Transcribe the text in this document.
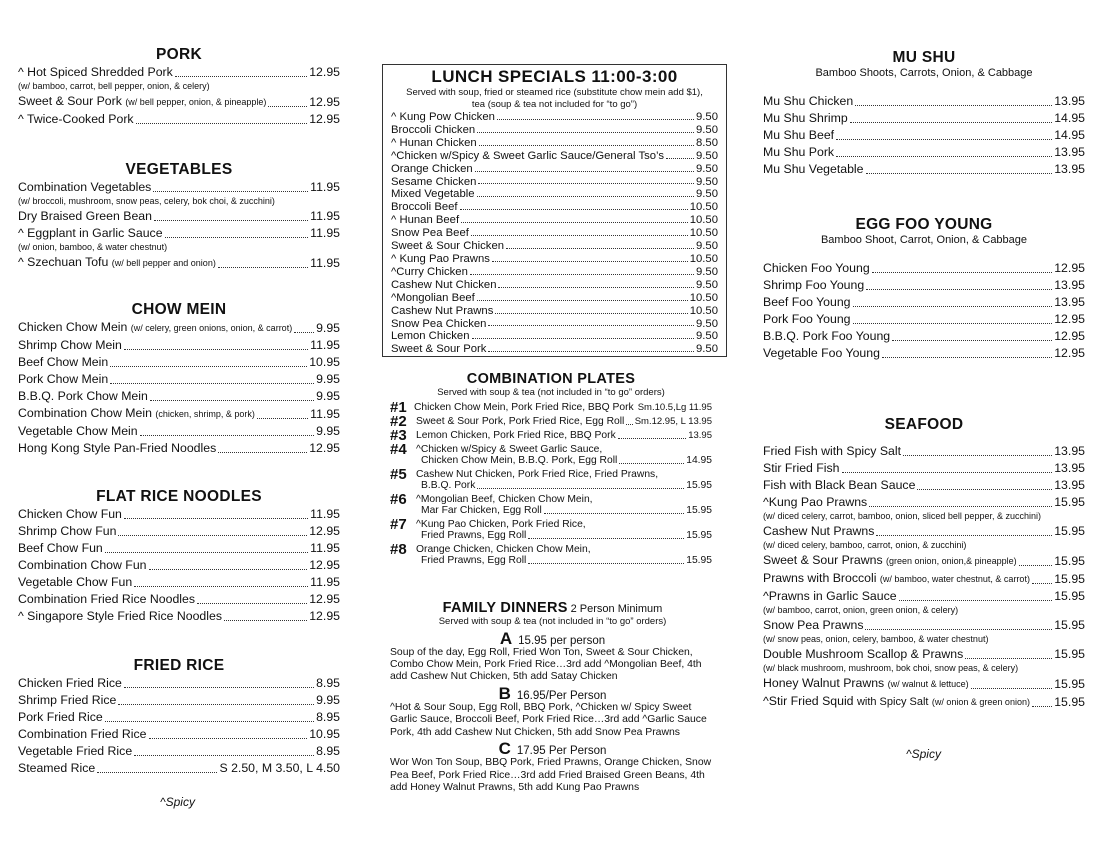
PORK
^ Hot Spiced Shredded Pork	12.95
(w/ bamboo, carrot, bell pepper, onion, & celery)
Sweet & Sour Pork (w/ bell pepper, onion, & pineapple)	12.95
^ Twice-Cooked Pork	12.95
VEGETABLES
Combination Vegetables	11.95
(w/ broccoli, mushroom, snow peas, celery, bok choi, & zucchini)
Dry Braised Green Bean	11.95
^ Eggplant in Garlic Sauce	11.95
(w/ onion, bamboo, & water chestnut)
^ Szechuan Tofu (w/ bell pepper and onion)	11.95
CHOW MEIN
Chicken Chow Mein (w/ celery, green onions, onion, & carrot) 9.95
Shrimp Chow Mein	11.95
Beef Chow Mein	10.95
Pork Chow Mein	9.95
B.B.Q. Pork Chow Mein	9.95
Combination Chow Mein (chicken, shrimp, & pork)	11.95
Vegetable Chow Mein	9.95
Hong Kong Style Pan-Fried Noodles	12.95
FLAT RICE NOODLES
Chicken Chow Fun	11.95
Shrimp Chow Fun	12.95
Beef Chow Fun	11.95
Combination Chow Fun	12.95
Vegetable Chow Fun	11.95
Combination Fried Rice Noodles	12.95
^ Singapore Style Fried Rice Noodles	12.95
FRIED RICE
Chicken Fried Rice	8.95
Shrimp Fried Rice	9.95
Pork Fried Rice	8.95
Combination Fried Rice	10.95
Vegetable Fried Rice	8.95
Steamed Rice	S 2.50, M 3.50, L 4.50
^Spicy
LUNCH SPECIALS 11:00-3:00
Served with soup, fried or steamed rice (substitute chow mein add $1),
tea (soup & tea not included for “to go”)
^ Kung Pow Chicken	9.50
Broccoli Chicken	9.50
^ Hunan Chicken	8.50
^Chicken w/Spicy & Sweet Garlic Sauce/General Tso’s	9.50
Orange Chicken	9.50
Sesame Chicken	9.50
Mixed Vegetable	9.50
Broccoli Beef	10.50
^ Hunan Beef	10.50
Snow Pea Beef	10.50
Sweet & Sour Chicken	9.50
^ Kung Pao Prawns	10.50
^Curry Chicken	9.50
Cashew Nut Chicken	9.50
^Mongolian Beef	10.50
Cashew Nut Prawns	10.50
Snow Pea Chicken	9.50
Lemon Chicken	9.50
Sweet & Sour Pork	9.50
COMBINATION PLATES
Served with soup & tea (not included in “to go” orders)
#1 Chicken Chow Mein, Pork Fried Rice, BBQ Pork Sm.10.5,Lg 11.95
#2 Sweet & Sour Pork, Pork Fried Rice, Egg Roll Sm.12.95, L 13.95
#3 Lemon Chicken, Pork Fried Rice, BBQ Pork	13.95
#4 ^Chicken w/Spicy & Sweet Garlic Sauce,
Chicken Chow Mein, B.B.Q. Pork, Egg Roll	14.95
#5 Cashew Nut Chicken, Pork Fried Rice, Fried Prawns,
B.B.Q. Pork	15.95
#6 ^Mongolian Beef, Chicken Chow Mein,
Mar Far Chicken, Egg Roll	15.95
#7 ^Kung Pao Chicken, Pork Fried Rice,
Fried Prawns, Egg Roll	15.95
#8 Orange Chicken, Chicken Chow Mein,
Fried Prawns, Egg Roll	15.95
FAMILY DINNERS 2 Person Minimum
Served with soup & tea (not included in “to go” orders)
A 15.95 per person
Soup of the day, Egg Roll, Fried Won Ton, Sweet & Sour Chicken, Combo Chow Mein, Pork Fried Rice…3rd add ^Mongolian Beef, 4th add Cashew Nut Chicken, 5th add Satay Chicken
B 16.95/Per Person
^Hot & Sour Soup, Egg Roll, BBQ Pork, ^Chicken w/ Spicy Sweet Garlic Sauce, Broccoli Beef, Pork Fried Rice…3rd add ^Garlic Sauce Pork, 4th add Cashew Nut Chicken, 5th add Snow Pea Prawns
C 17.95 Per Person
Wor Won Ton Soup, BBQ Pork, Fried Prawns, Orange Chicken, Snow Pea Beef, Pork Fried Rice…3rd add Fried Braised Green Beans, 4th add Honey Walnut Prawns, 5th add Kung Pao Prawns
MU SHU
Bamboo Shoots, Carrots, Onion, & Cabbage
Mu Shu Chicken	13.95
Mu Shu Shrimp	14.95
Mu Shu Beef	14.95
Mu Shu Pork	13.95
Mu Shu Vegetable	13.95
EGG FOO YOUNG
Bamboo Shoot, Carrot, Onion, & Cabbage
Chicken Foo Young	12.95
Shrimp Foo Young	13.95
Beef Foo Young	13.95
Pork Foo Young	12.95
B.B.Q. Pork Foo Young	12.95
Vegetable Foo Young	12.95
SEAFOOD
Fried Fish with Spicy Salt	13.95
Stir Fried Fish	13.95
Fish with Black Bean Sauce	13.95
^Kung Pao Prawns	15.95
(w/ diced celery, carrot, bamboo, onion, sliced bell pepper, & zucchini)
Cashew Nut Prawns	15.95
(w/ diced celery, bamboo, carrot, onion, & zucchini)
Sweet & Sour Prawns (green onion, onion,& pineapple)	15.95
Prawns with Broccoli (w/ bamboo, water chestnut, & carrot) 15.95
^Prawns in Garlic Sauce	15.95
(w/ bamboo, carrot, onion, green onion, & celery)
Snow Pea Prawns	15.95
(w/ snow peas, onion, celery, bamboo, & water chestnut)
Double Mushroom Scallop & Prawns	15.95
(w/ black mushroom, mushroom, bok choi, snow peas, & celery)
Honey Walnut Prawns (w/ walnut & lettuce)	15.95
^Stir Fried Squid with Spicy Salt (w/ onion & green onion) 15.95
^Spicy
